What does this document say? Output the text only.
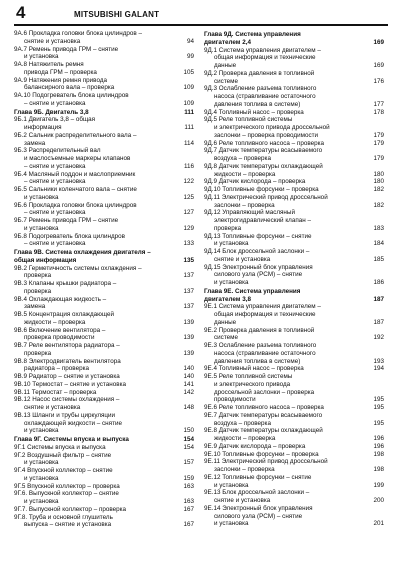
4	MITSUBISHI GALANT
9А.6 Прокладка головки блока цилиндров –
снятие и установка	94
9А.7 Ремень привода ГРМ – снятие
и установка	99
9А.8 Натяжитель ремня
привода ГРМ – проверка	105
9А.9 Натяжения ремня привода
балансирного вала – проверка	109
9А.10 Подогреватель блока цилиндров
– снятие и установка	109
Глава 9Б. Двигатель 3,8	111
9Б.1 Двигатель 3,8 – общая
информация	111
9Б.2 Сальник распределительного вала –
замена	114
9Б.3 Распределительный вал
и маслосъемные маркеры клапанов
– снятие и установка	116
9Б.4 Масляный поддон и маслоприемник
– снятие и установка	122
9Б.5 Сальники коленчатого вала – снятие
и установка	125
9Б.6 Прокладка головки блока цилиндров
– снятие и установка	127
9Б.7 Ремень привода ГРМ – снятие
и установка	129
9Б.8 Подогреватель блока цилиндров
– снятие и установка	133
Глава 9В. Система охлаждения двигателя –
общая информация	135
9В.2 Герметичность системы охлаждения –
проверка	137
9В.3 Клапаны крышки радиатора –
проверка	137
9В.4 Охлаждающая жидкость –
замена	137
9В.5 Концентрация охлаждающей
жидкости – проверка	139
9В.6 Включение вентилятора –
проверка проводимости	139
9В.7 Реле вентилятора радиатора –
проверка	139
9В.8 Электродвигатель вентилятора
радиатора – проверка	140
9В.9 Радиатор – снятие и установка	140
9В.10 Термостат – снятие и установка	141
9В.11 Термостат – проверка	142
9В.12 Насос системы охлаждения –
снятие и установка	148
9В.13 Шланги и трубы циркуляции
охлаждающей жидкости – снятие
и установка	150
Глава 9Г. Системы впуска и выпуска	154
9Г.1 Системы впуска и выпуска	154
9Г.2 Воздушный фильтр – снятие
и установка	157
9Г.4 Впускной коллектор – снятие
и установка	159
9Г.5 Впускной коллектор – проверка	163
9Г.6. Выпускной коллектор – снятие
и установка	163
9Г.7. Выпускной коллектор – проверка	167
9Г.8. Труба и основной глушитель
выпуска – снятие и установка	167
Глава 9Д. Система управления
двигателем 2,4	169
9Д.1 Система управления двигателем –
общая информация и технические
данные	169
9Д.2 Проверка давления в топливной
системе	176
9Д.3 Ослабление разъема топливного
насоса (стравливание остаточного
давления топлива в системе)	177
9Д.4 Топливный насос – проверка	178
9Д.5 Реле топливной системы
и электрического привода дроссельной
заслонки – проверка проводимости	179
9Д.6 Реле топливного насоса – проверка	179
9Д.7 Датчик температуры всасываемого
воздуха – проверка	179
9Д.8 Датчик температуры охлаждающей
жидкости – проверка	180
9Д.9 Датчик кислорода – проверка	180
9Д.10 Топливные форсунки – проверка	182
9Д.11 Электрический привод дроссельной
заслонки – проверка	182
9Д.12 Управляющий масляный
электрогидравлический клапан –
проверка	183
9Д.13 Топливные форсунки – снятие
и установка	184
9Д.14 Блок дроссельной заслонки –
снятие и установка	185
9Д.15 Электронный блок управления
силового узла (PCM) – снятие
и установка	186
Глава 9Е. Система управления
двигателем 3,8	187
9Е.1 Система управления двигателем –
общая информация и технические
данные	187
9Е.2 Проверка давления в топливной
системе	192
9Е.3 Ослабление разъема топливного
насоса (стравливание остаточного
давления топлива в системе)	193
9Е.4 Топливный насос – проверка	194
9Е.5 Реле топливной системы
и электрического привода
дроссельной заслонки – проверка
проводимости	195
9Е.6 Реле топливного насоса – проверка	195
9Е.7 Датчик температуры всасываемого
воздуха – проверка	195
9Е.8 Датчик температуры охлаждающей
жидкости – проверка	196
9Е.9 Датчик кислорода – проверка	196
9Е.10 Топливные форсунки – проверка	198
9Е.11 Электрический привод дроссельной
заслонки – проверка	198
9Е.12 Топливные форсунки – снятие
и установка	199
9Е.13 Блок дроссельной заслонки –
снятие и установка	200
9Е.14 Электронный блок управления
силового узла (PCM) – снятие
и установка	201
